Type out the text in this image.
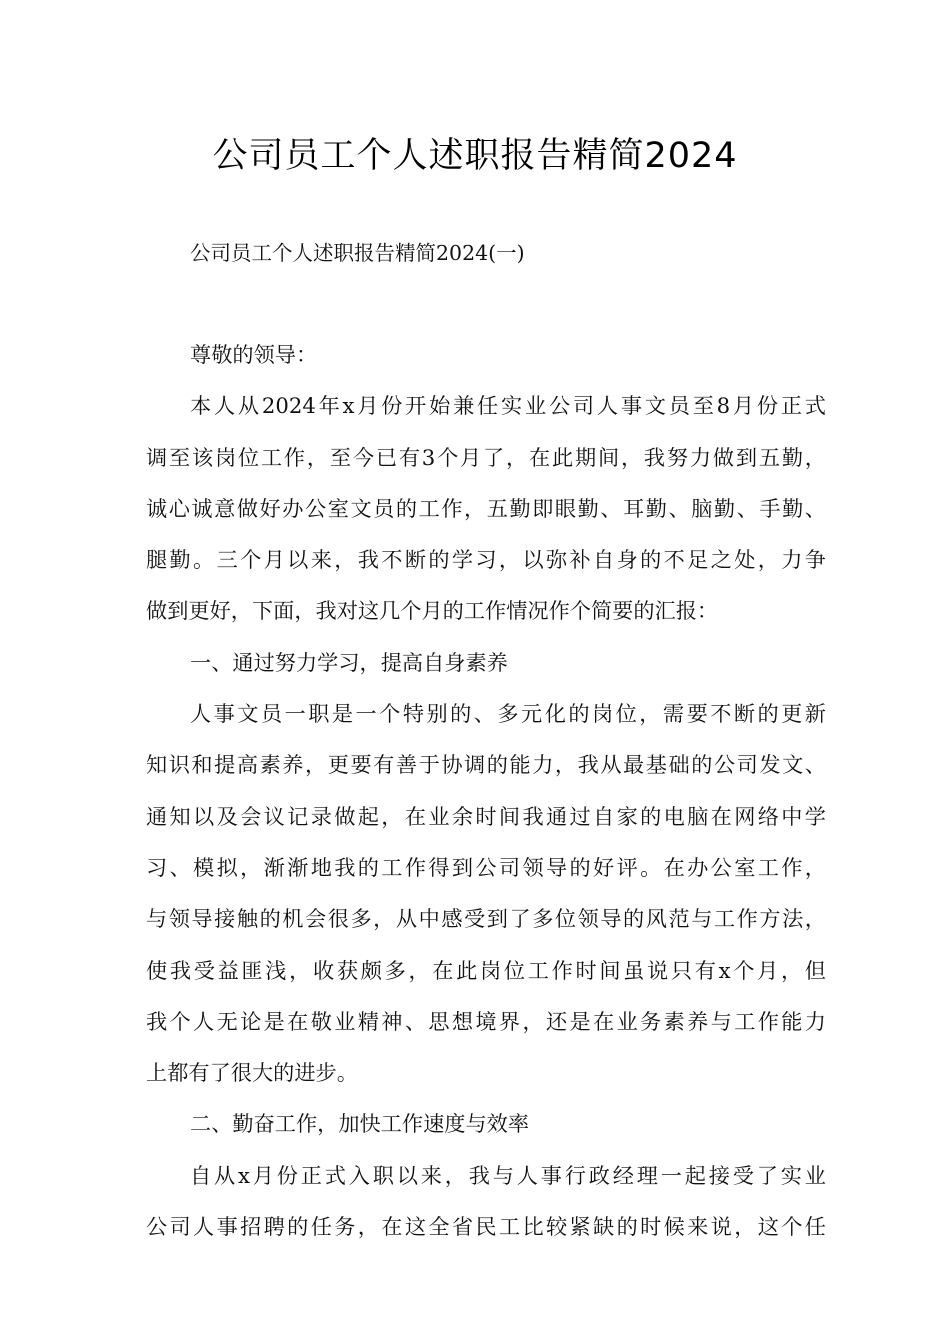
公司员工个人述职报告精简2024
公司员工个人述职报告精简2024(一)
尊敬的领导：
本人从2024年x月份开始兼任实业公司人事文员至8月份正式
调至该岗位工作，至今已有3个月了，在此期间，我努力做到五勤，
诚心诚意做好办公室文员的工作，五勤即眼勤、耳勤、脑勤、手勤、
腿勤。三个月以来，我不断的学习，以弥补自身的不足之处，力争
做到更好，下面，我对这几个月的工作情况作个简要的汇报：
一、通过努力学习，提高自身素养
人事文员一职是一个特别的、多元化的岗位，需要不断的更新
知识和提高素养，更要有善于协调的能力，我从最基础的公司发文、
通知以及会议记录做起，在业余时间我通过自家的电脑在网络中学
习、模拟，渐渐地我的工作得到公司领导的好评。在办公室工作，
与领导接触的机会很多，从中感受到了多位领导的风范与工作方法，
使我受益匪浅，收获颇多，在此岗位工作时间虽说只有x个月，但
我个人无论是在敬业精神、思想境界，还是在业务素养与工作能力
上都有了很大的进步。
二、勤奋工作，加快工作速度与效率
自从x月份正式入职以来，我与人事行政经理一起接受了实业
公司人事招聘的任务，在这全省民工比较紧缺的时候来说，这个任
